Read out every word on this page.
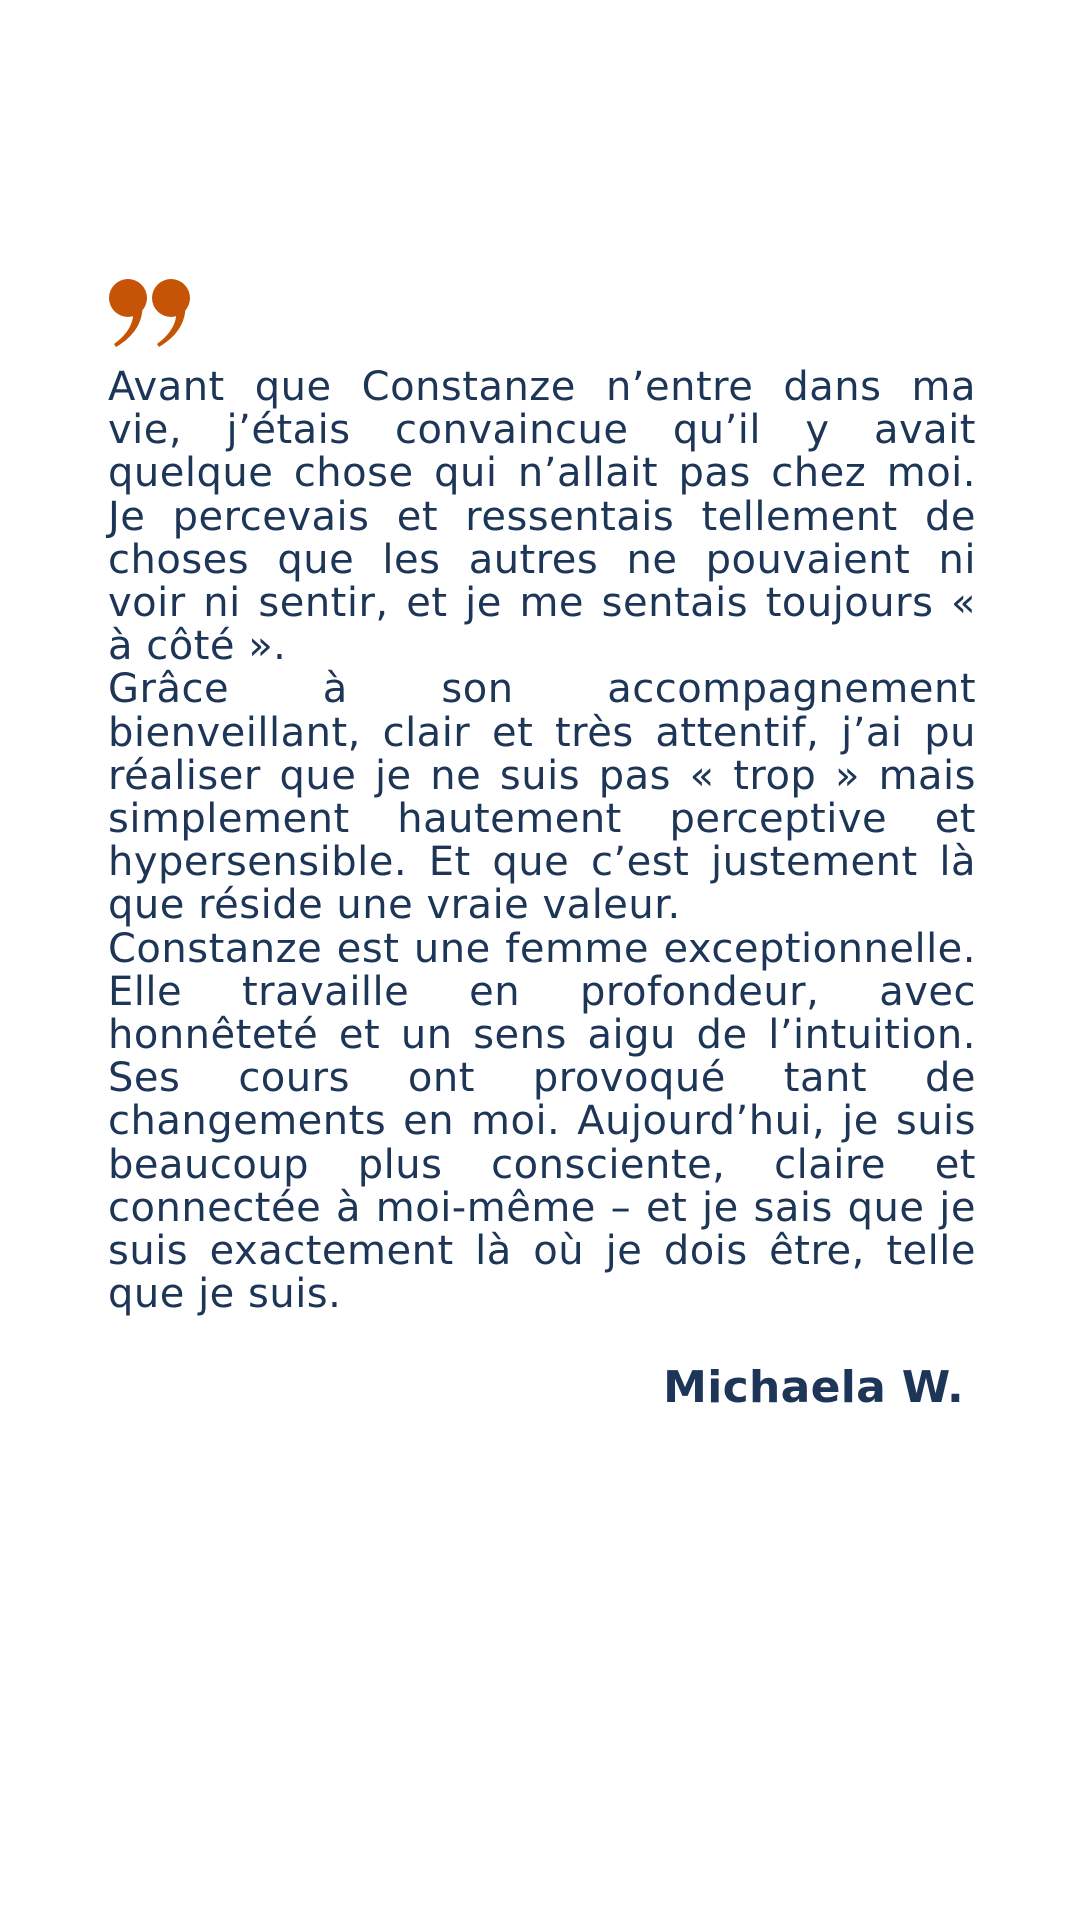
Avant que Constanze n’entre dans ma vie, j’étais convaincue qu’il y avait quelque chose qui n’allait pas chez moi. Je percevais et ressentais tellement de choses que les autres ne pouvaient ni voir ni sentir, et je me sentais toujours « à côté ».

Grâce à son accompagnement bienveillant, clair et très attentif, j’ai pu réaliser que je ne suis pas « trop » mais simplement hautement perceptive et hypersensible. Et que c’est justement là que réside une vraie valeur.

Constanze est une femme exceptionnelle. Elle travaille en profondeur, avec honnêteté et un sens aigu de l’intuition. Ses cours ont provoqué tant de changements en moi. Aujourd’hui, je suis beaucoup plus consciente, claire et connectée à moi-même – et je sais que je suis exactement là où je dois être, telle que je suis.

Michaela W.
